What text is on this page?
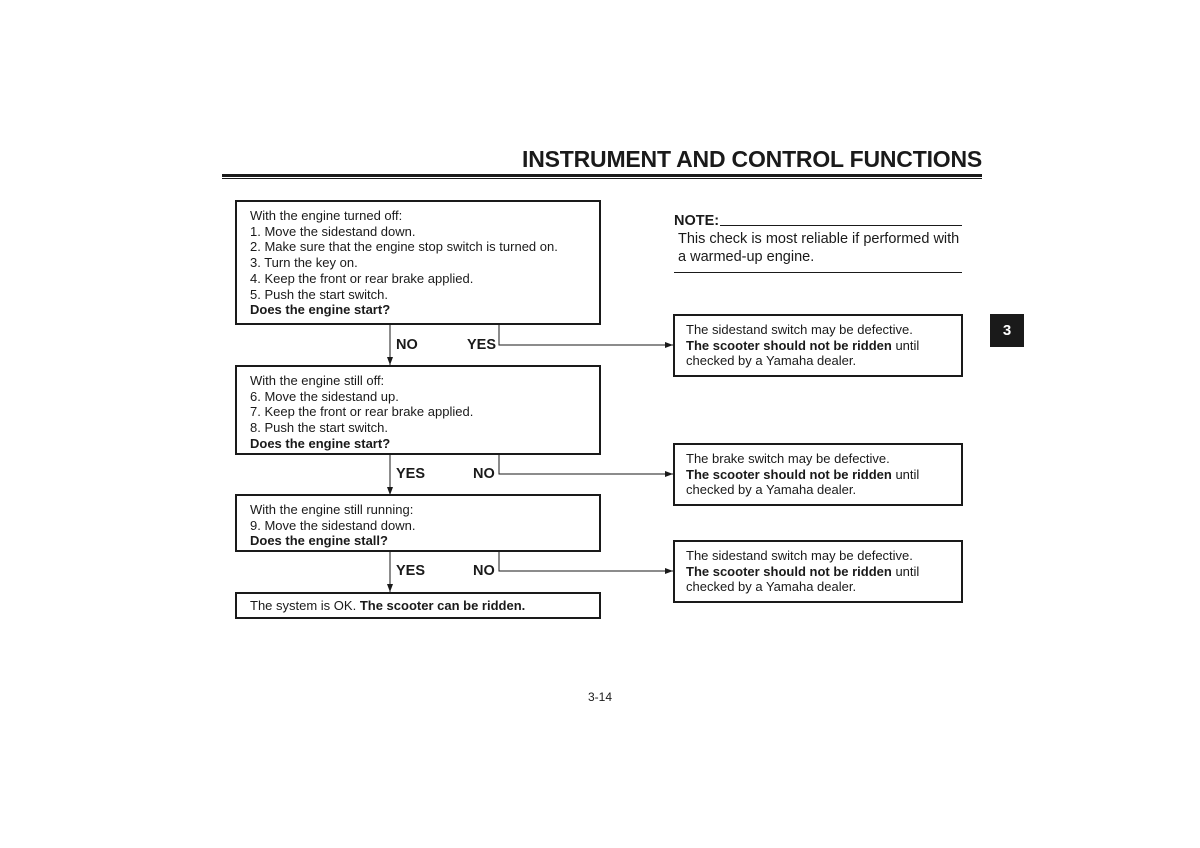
INSTRUMENT AND CONTROL FUNCTIONS
With the engine turned off:
1. Move the sidestand down.
2. Make sure that the engine stop switch is turned on.
3. Turn the key on.
4. Keep the front or rear brake applied.
5. Push the start switch.
Does the engine start?
NO	YES
With the engine still off:
6. Move the sidestand up.
7. Keep the front or rear brake applied.
8. Push the start switch.
Does the engine start?
YES	NO
With the engine still running:
9. Move the sidestand down.
Does the engine stall?
YES	NO
The system is OK. The scooter can be ridden.
NOTE:
This check is most reliable if performed with a warmed-up engine.
3
The sidestand switch may be defective.
The scooter should not be ridden until
checked by a Yamaha dealer.
The brake switch may be defective.
The scooter should not be ridden until
checked by a Yamaha dealer.
The sidestand switch may be defective.
The scooter should not be ridden until
checked by a Yamaha dealer.
3-14
